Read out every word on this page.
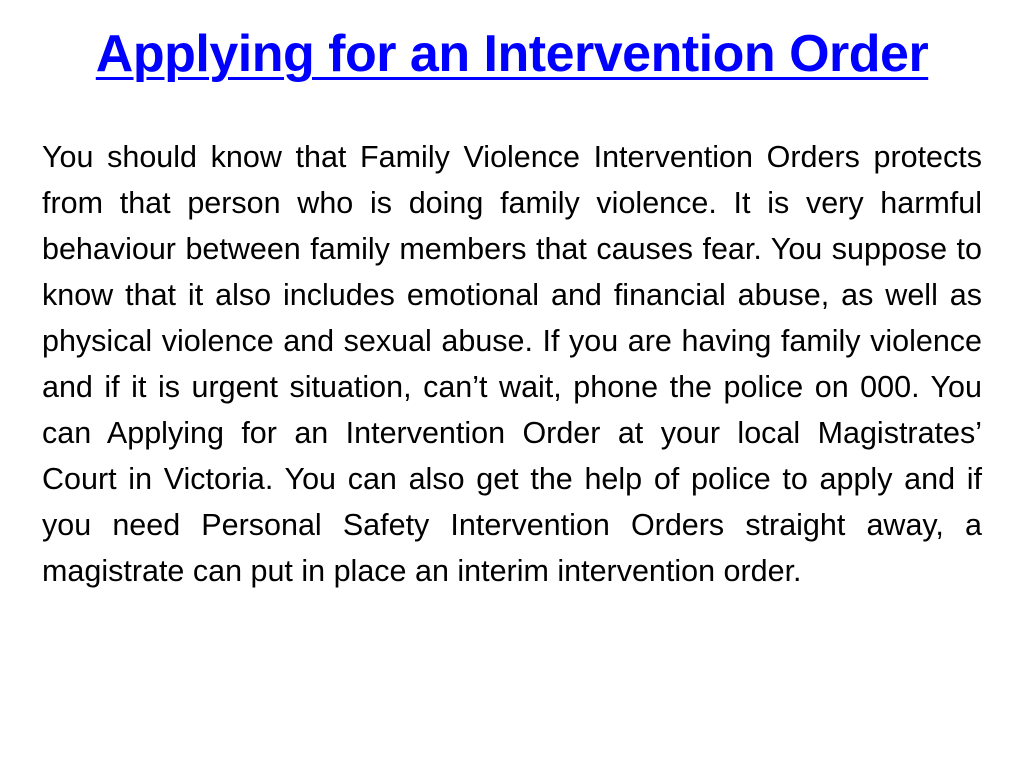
Applying for an Intervention Order

You should know that Family Violence Intervention Orders protects from that person who is doing family violence. It is very harmful behaviour between family members that causes fear. You suppose to know that it also includes emotional and financial abuse, as well as physical violence and sexual abuse. If you are having family violence and if it is urgent situation, can’t wait, phone the police on 000. You can Applying for an Intervention Order at your local Magistrates’ Court in Victoria. You can also get the help of police to apply and if you need Personal Safety Intervention Orders straight away, a magistrate can put in place an interim intervention order.
